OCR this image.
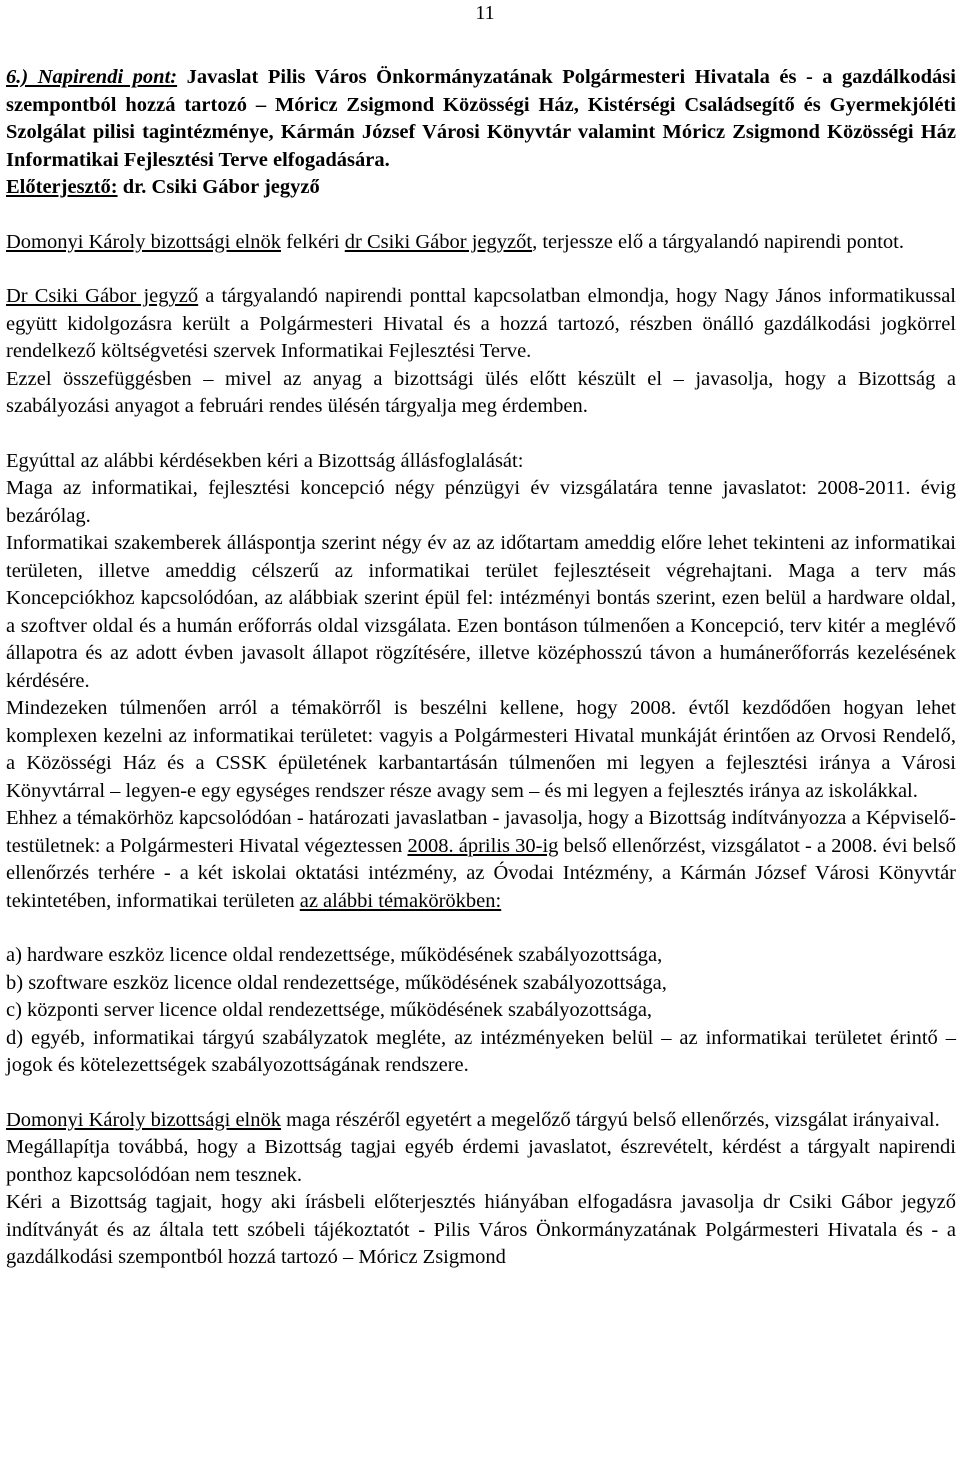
11

6.) Napirendi pont: Javaslat Pilis Város Önkormányzatának Polgármesteri Hivatala és - a gazdálkodási szempontból hozzá tartozó – Móricz Zsigmond Közösségi Ház, Kistérségi Családsegítő és Gyermekjóléti Szolgálat pilisi tagintézménye, Kármán József Városi Könyvtár valamint Móricz Zsigmond Közösségi Ház Informatikai Fejlesztési Terve elfogadására.

Előterjesztő: dr. Csiki Gábor jegyző

Domonyi Károly bizottsági elnök felkéri dr Csiki Gábor jegyzőt, terjessze elő a tárgyalandó napirendi pontot.

Dr Csiki Gábor jegyző a tárgyalandó napirendi ponttal kapcsolatban elmondja, hogy Nagy János informatikussal együtt kidolgozásra került a Polgármesteri Hivatal és a hozzá tartozó, részben önálló gazdálkodási jogkörrel rendelkező költségvetési szervek Informatikai Fejlesztési Terve.

Ezzel összefüggésben – mivel az anyag a bizottsági ülés előtt készült el – javasolja, hogy a Bizottság a szabályozási anyagot a februári rendes ülésén tárgyalja meg érdemben.

Egyúttal az alábbi kérdésekben kéri a Bizottság állásfoglalását:

Maga az informatikai, fejlesztési koncepció négy pénzügyi év vizsgálatára tenne javaslatot: 2008-2011. évig bezárólag.

Informatikai szakemberek álláspontja szerint négy év az az időtartam ameddig előre lehet tekinteni az informatikai területen, illetve ameddig célszerű az informatikai terület fejlesztéseit végrehajtani. Maga a terv más Koncepciókhoz kapcsolódóan, az alábbiak szerint épül fel: intézményi bontás szerint, ezen belül a hardware oldal, a szoftver oldal és a humán erőforrás oldal vizsgálata. Ezen bontáson túlmenően a Koncepció, terv kitér a meglévő állapotra és az adott évben javasolt állapot rögzítésére, illetve középhosszú távon a humánerőforrás kezelésének kérdésére.

Mindezeken túlmenően arról a témakörről is beszélni kellene, hogy 2008. évtől kezdődően hogyan lehet komplexen kezelni az informatikai területet: vagyis a Polgármesteri Hivatal munkáját érintően az Orvosi Rendelő, a Közösségi Ház és a CSSK épületének karbantartásán túlmenően mi legyen a fejlesztési iránya a Városi Könyvtárral – legyen-e egy egységes rendszer része avagy sem – és mi legyen a fejlesztés iránya az iskolákkal.

Ehhez a témakörhöz kapcsolódóan - határozati javaslatban - javasolja, hogy a Bizottság indítványozza a Képviselő-testületnek: a Polgármesteri Hivatal végeztessen 2008. április 30-ig belső ellenőrzést, vizsgálatot - a 2008. évi belső ellenőrzés terhére - a két iskolai oktatási intézmény, az Óvodai Intézmény, a Kármán József Városi Könyvtár tekintetében, informatikai területen az alábbi témakörökben:

a) hardware eszköz licence oldal rendezettsége, működésének szabályozottsága,

b) szoftware eszköz licence oldal rendezettsége, működésének szabályozottsága,

c) központi server licence oldal rendezettsége, működésének szabályozottsága,

d) egyéb, informatikai tárgyú szabályzatok megléte, az intézményeken belül – az informatikai területet érintő – jogok és kötelezettségek szabályozottságának rendszere.

Domonyi Károly bizottsági elnök maga részéről egyetért a megelőző tárgyú belső ellenőrzés, vizsgálat irányaival.

Megállapítja továbbá, hogy a Bizottság tagjai egyéb érdemi javaslatot, észrevételt, kérdést a tárgyalt napirendi ponthoz kapcsolódóan nem tesznek.

Kéri a Bizottság tagjait, hogy aki írásbeli előterjesztés hiányában elfogadásra javasolja dr Csiki Gábor jegyző indítványát és az általa tett szóbeli tájékoztatót - Pilis Város Önkormányzatának Polgármesteri Hivatala és - a gazdálkodási szempontból hozzá tartozó – Móricz Zsigmond
